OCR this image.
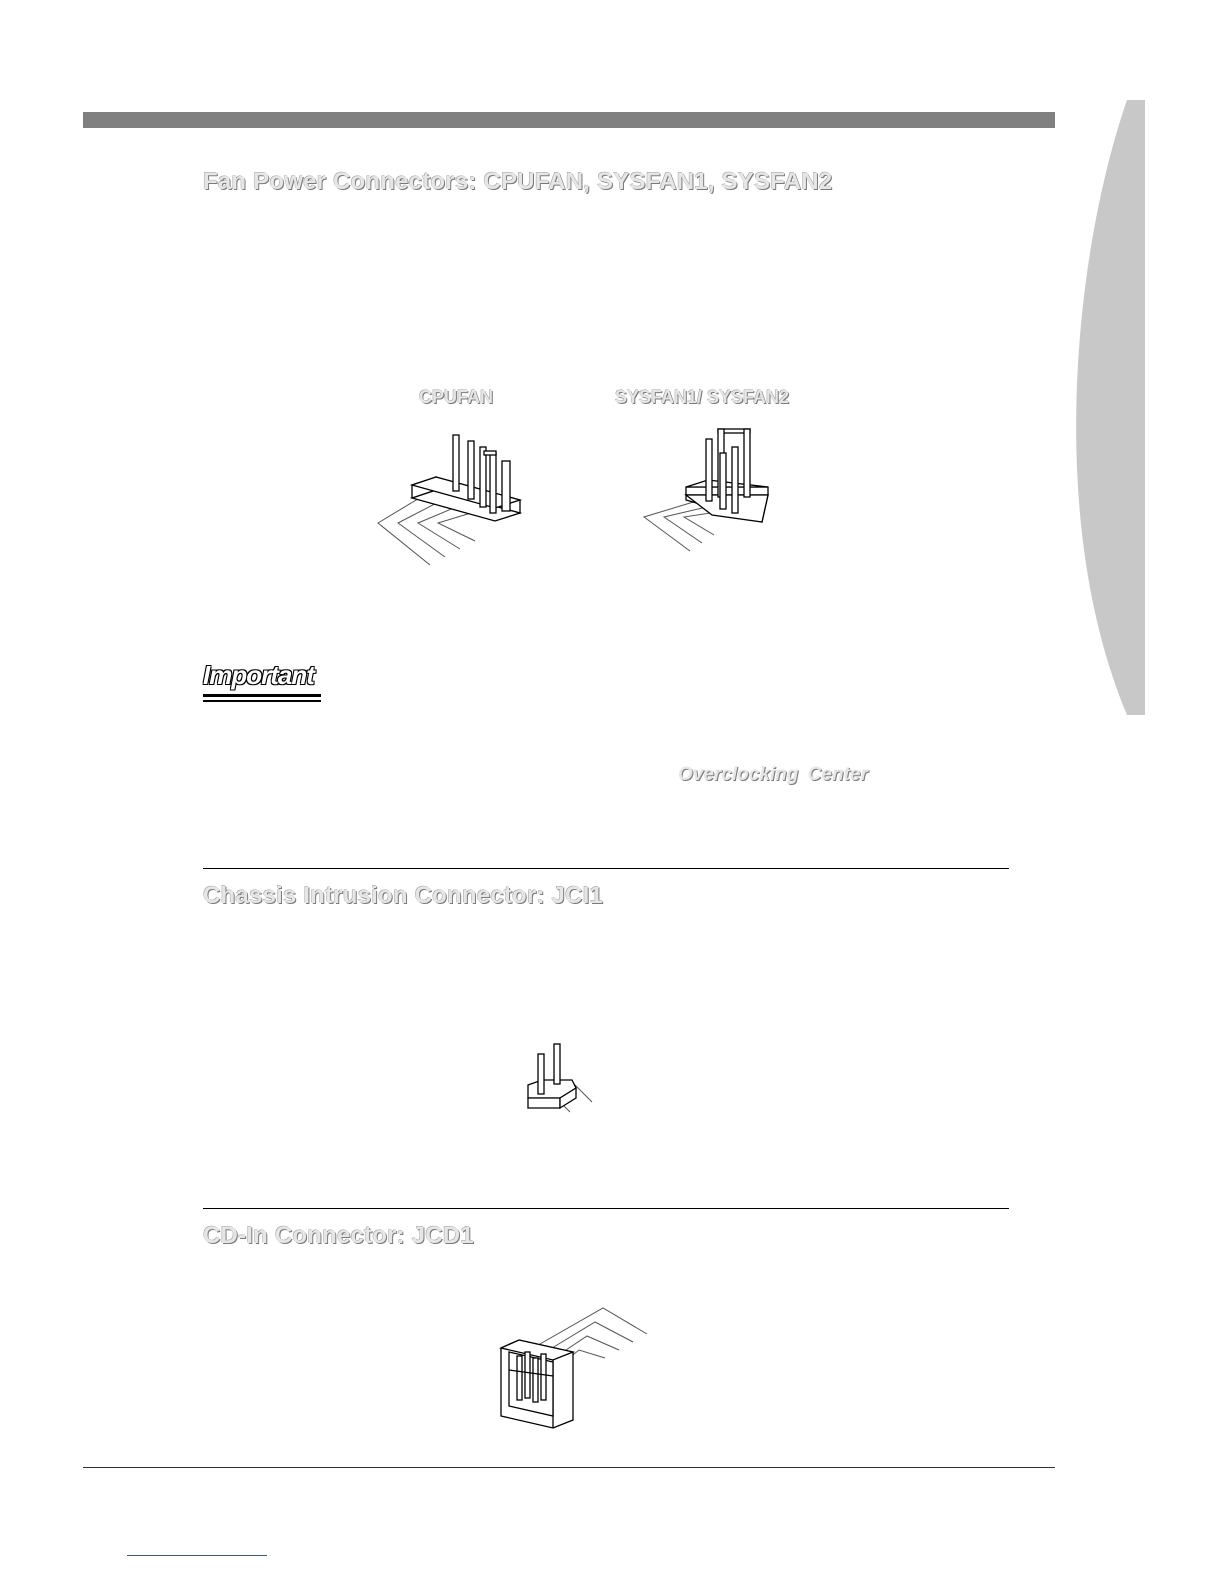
Fan Power Connectors: CPUFAN, SYSFAN1, SYSFAN2
CPUFAN	SYSFAN1/ SYSFAN2
Important
Overclocking Center
Chassis Intrusion Connector: JCI1
CD-In Connector: JCD1
